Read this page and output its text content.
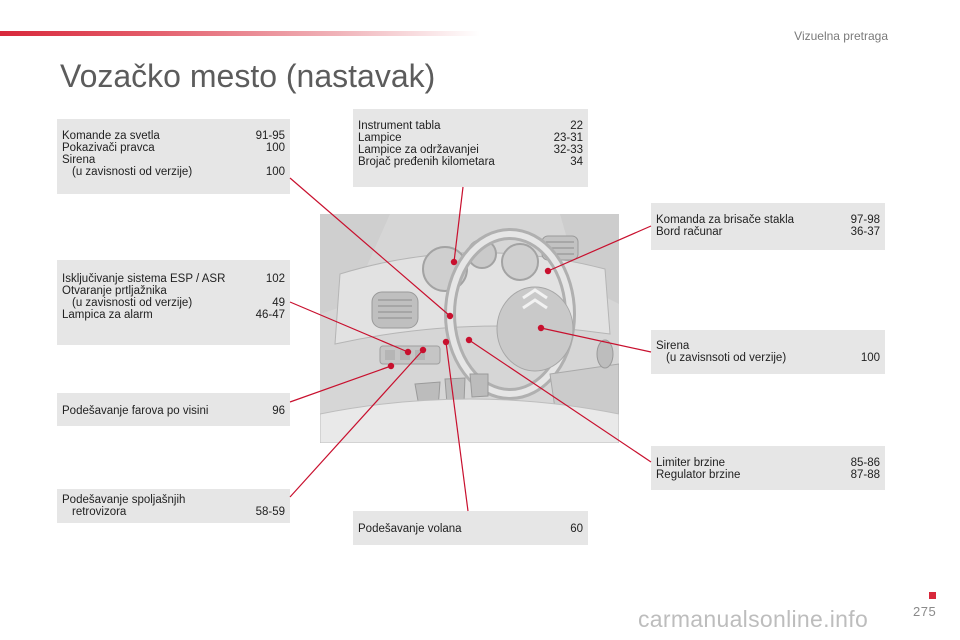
Vizuelna pretraga
Vozačko mesto (nastavak)
Komande za svetla	91-95
Pokazivači pravca	100
Sirena
(u zavisnosti od verzije)	100
Isključivanje sistema ESP / ASR	102
Otvaranje prtljažnika
(u zavisnosti od verzije)	49
Lampica za alarm	46-47
Podešavanje farova po visini	96
Podešavanje spoljašnjih
retrovizora	58-59
Instrument tabla	22
Lampice	23-31
Lampice za održavanjei	32-33
Brojač pređenih kilometara	34
Podešavanje volana	60
Komanda za brisače stakla	97-98
Bord računar	36-37
Sirena
(u zavisnsoti od verzije)	100
Limiter brzine	85-86
Regulator brzine	87-88
275
carmanualsonline.info
